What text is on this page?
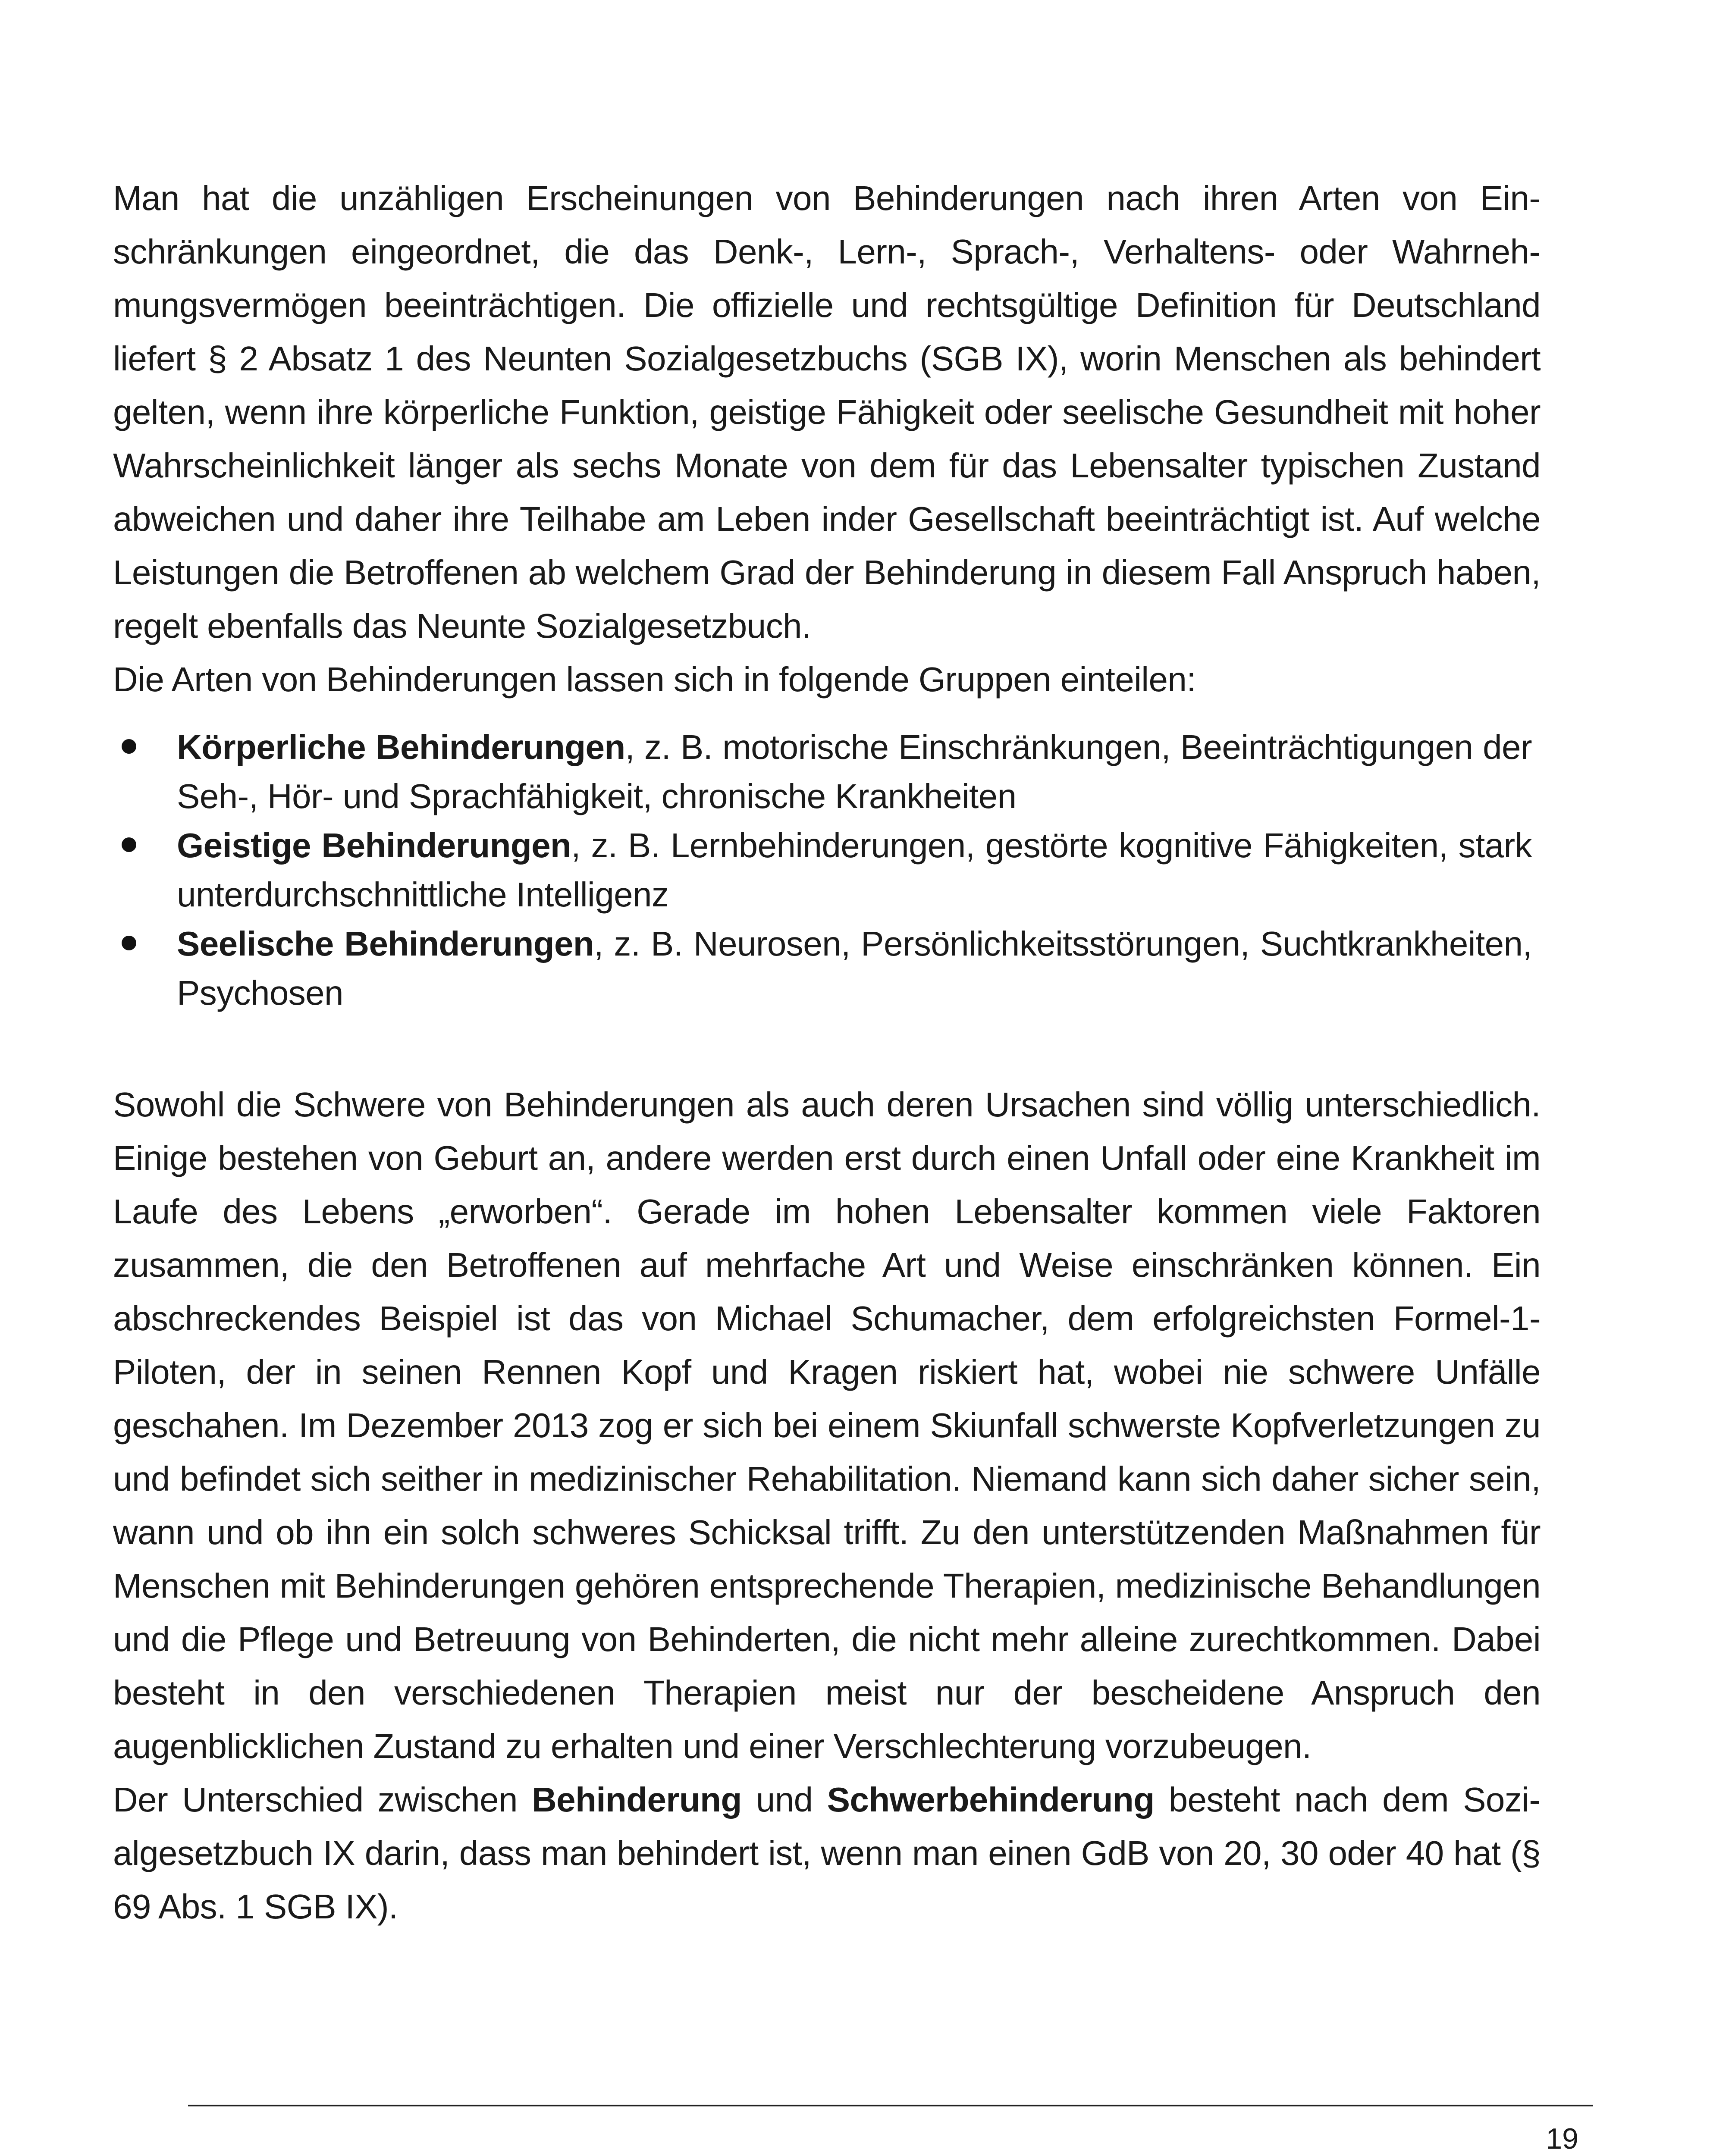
Man hat die unzähligen Erscheinungen von Behinderungen nach ihren Arten von Einschränkungen eingeordnet, die das Denk-, Lern-, Sprach-, Verhaltens- oder Wahrnehmungsvermögen beeinträchtigen. Die offizielle und rechtsgültige Definition für Deutschland liefert § 2 Absatz 1 des Neunten Sozialgesetzbuchs (SGB IX), worin Menschen als behindert gelten, wenn ihre körperliche Funktion, geistige Fähigkeit oder seelische Gesundheit mit hoher Wahrscheinlichkeit länger als sechs Monate von dem für das Lebensalter typischen Zustand abweichen und daher ihre Teilhabe am Leben inder Gesellschaft beeinträchtigt ist. Auf welche Leistungen die Betroffenen ab welchem Grad der Behinderung in diesem Fall Anspruch haben, regelt ebenfalls das Neunte Sozialgesetzbuch.

Die Arten von Behinderungen lassen sich in folgende Gruppen einteilen:

Körperliche Behinderungen, z. B. motorische Einschränkungen, Beeinträchtigungen der Seh-, Hör- und Sprachfähigkeit, chronische Krankheiten
Geistige Behinderungen, z. B. Lernbehinderungen, gestörte kognitive Fähigkeiten, stark unterdurchschnittliche Intelligenz
Seelische Behinderungen, z. B. Neurosen, Persönlichkeitsstörungen, Suchtkrankheiten, Psychosen

Sowohl die Schwere von Behinderungen als auch deren Ursachen sind völlig unterschiedlich. Einige bestehen von Geburt an, andere werden erst durch einen Unfall oder eine Krankheit im Laufe des Lebens „erworben“. Gerade im hohen Lebensalter kommen viele Faktoren zusammen, die den Betroffenen auf mehrfache Art und Weise einschränken können. Ein abschreckendes Beispiel ist das von Michael Schumacher, dem erfolgreichsten Formel-1-Piloten, der in seinen Rennen Kopf und Kragen riskiert hat, wobei nie schwere Unfälle geschahen. Im Dezember 2013 zog er sich bei einem Skiunfall schwerste Kopfverletzungen zu und befindet sich seither in medizinischer Rehabilitation. Niemand kann sich daher sicher sein, wann und ob ihn ein solch schweres Schicksal trifft. Zu den unterstützenden Maßnahmen für Menschen mit Behinderungen gehören entsprechende Therapien, medizinische Behandlungen und die Pflege und Betreuung von Behinderten, die nicht mehr alleine zurechtkommen. Dabei besteht in den verschiedenen Therapien meist nur der bescheidene Anspruch den augenblicklichen Zustand zu erhalten und einer Verschlechterung vorzubeugen.

Der Unterschied zwischen Behinderung und Schwerbehinderung besteht nach dem Sozialgesetzbuch IX darin, dass man behindert ist, wenn man einen GdB von 20, 30 oder 40 hat (§ 69 Abs. 1 SGB IX).

19
